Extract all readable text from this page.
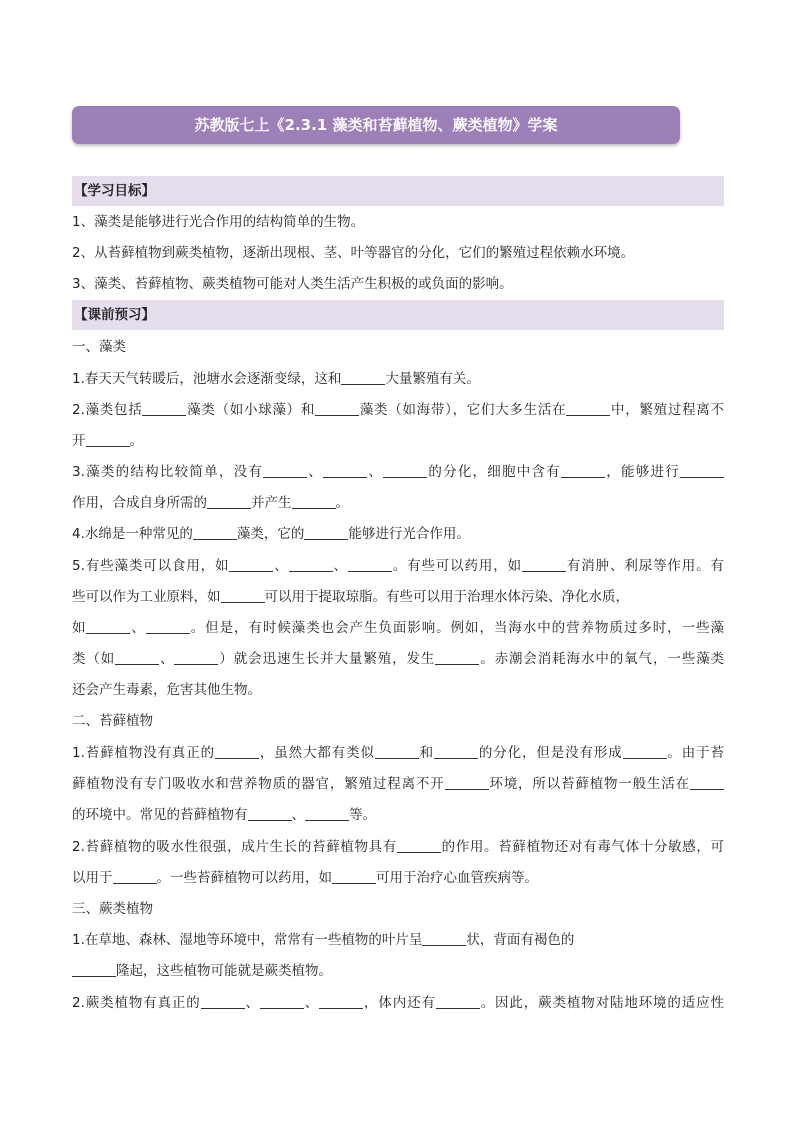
苏教版七上《2.3.1 藻类和苔藓植物、蕨类植物》学案
【学习目标】
1、藻类是能够进行光合作用的结构简单的生物。
2、从苔藓植物到蕨类植物，逐渐出现根、茎、叶等器官的分化，它们的繁殖过程依赖水环境。
3、藻类、苔藓植物、蕨类植物可能对人类生活产生积极的或负面的影响。
【课前预习】
一、藻类
1.春天天气转暖后，池塘水会逐渐变绿，这和	大量繁殖有关。
2.藻类包括	藻类（如小球藻）和	藻类（如海带），它们大多生活在	中，繁殖过程离不
开	。
3.藻类的结构比较简单，没有	、	、	的分化，细胞中含有	，能够进行
作用，合成自身所需的	并产生	。
4.水绵是一种常见的	藻类，它的	能够进行光合作用。
5.有些藻类可以食用，如	、	、	。有些可以药用，如	有消肿、利尿等作用。有
些可以作为工业原料，如	可以用于提取琼脂。有些可以用于治理水体污染、净化水质，
如	、	。但是，有时候藻类也会产生负面影响。例如，当海水中的营养物质过多时，一些藻
类（如	、	）就会迅速生长并大量繁殖，发生	。赤潮会消耗海水中的氧气，一些藻类
还会产生毒素，危害其他生物。
二、苔藓植物
1.苔藓植物没有真正的	，虽然大都有类似	和	的分化，但是没有形成	。由于苔
藓植物没有专门吸收水和营养物质的器官，繁殖过程离不开	环境，所以苔藓植物一般生活在
的环境中。常见的苔藓植物有	、	等。
2.苔藓植物的吸水性很强，成片生长的苔藓植物具有	的作用。苔藓植物还对有毒气体十分敏感，可
以用于	。一些苔藓植物可以药用，如	可用于治疗心血管疾病等。
三、蕨类植物
1.在草地、森林、湿地等环境中，常常有一些植物的叶片呈	状，背面有褐色的
隆起，这些植物可能就是蕨类植物。
2.蕨类植物有真正的	、	、	，体内还有	。因此，蕨类植物对陆地环境的适应性
